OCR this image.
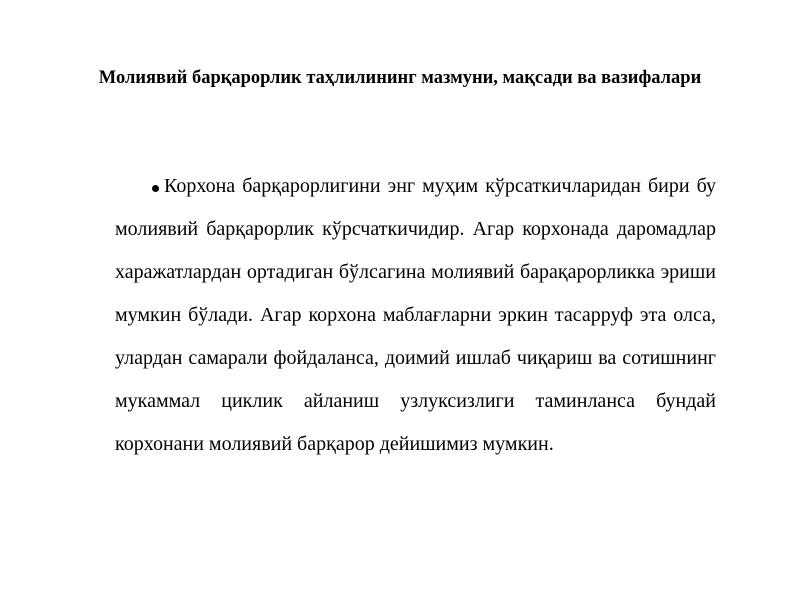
Молиявий барқарорлик таҳлилининг мазмуни, мақсади ва вазифалари

Корхона барқарорлигини энг муҳим кўрсаткичларидан бири бу молиявий барқарорлик кўрсчаткичидир. Агар корхонада даромадлар харажатлардан ортадиган бўлсагина молиявий барақарорликка эриши мумкин бўлади. Агар корхона маблағларни эркин тасарруф эта олса, улардан самарали фойдаланса, доимий ишлаб чиқариш ва сотишнинг мукаммал циклик айланиш узлуксизлиги таминланса бундай корхонани молиявий барқарор дейишимиз мумкин.
